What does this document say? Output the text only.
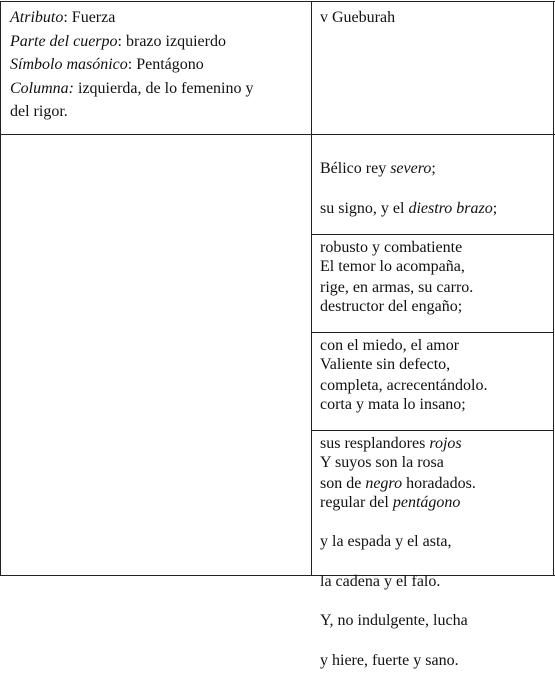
Atributo: Fuerza

Parte del cuerpo: brazo izquierdo

Símbolo masónico: Pentágono

Columna: izquierda, de lo femenino y

del rigor.

v Gueburah

Bélico rey severo;

su signo, y el diestro brazo;

robusto y combatiente

rige, en armas, su carro.

El temor lo acompaña,

destructor del engaño;

con el miedo, el amor

completa, acrecentándolo.

Valiente sin defecto,

corta y mata lo insano;

sus resplandores rojos

son de negro horadados.

Y suyos son la rosa

regular del pentágono

y la espada y el asta,

la cadena y el falo.

Y, no indulgente, lucha

y hiere, fuerte y sano.
